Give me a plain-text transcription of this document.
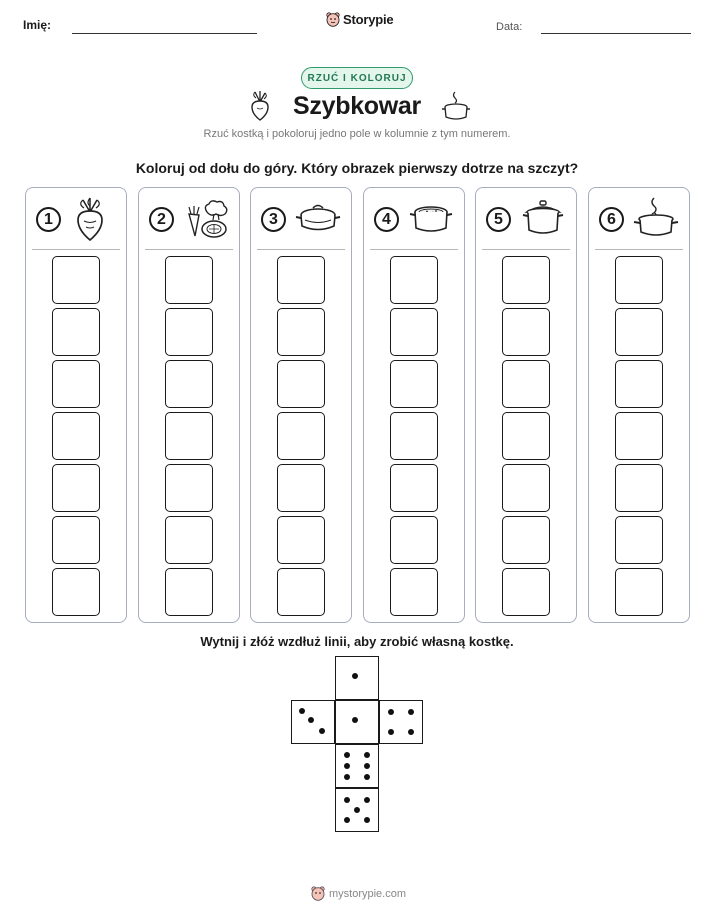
Imię:	Storypie	Data:
RZUĆ I KOLORUJ
Szybkowar
Rzuć kostką i pokoloruj jedno pole w kolumnie z tym numerem.
Koloruj od dołu do góry. Który obrazek pierwszy dotrze na szczyt?
1	2	3	4	5	6
Wytnij i złóż wzdłuż linii, aby zrobić własną kostkę.
mystorypie.com
